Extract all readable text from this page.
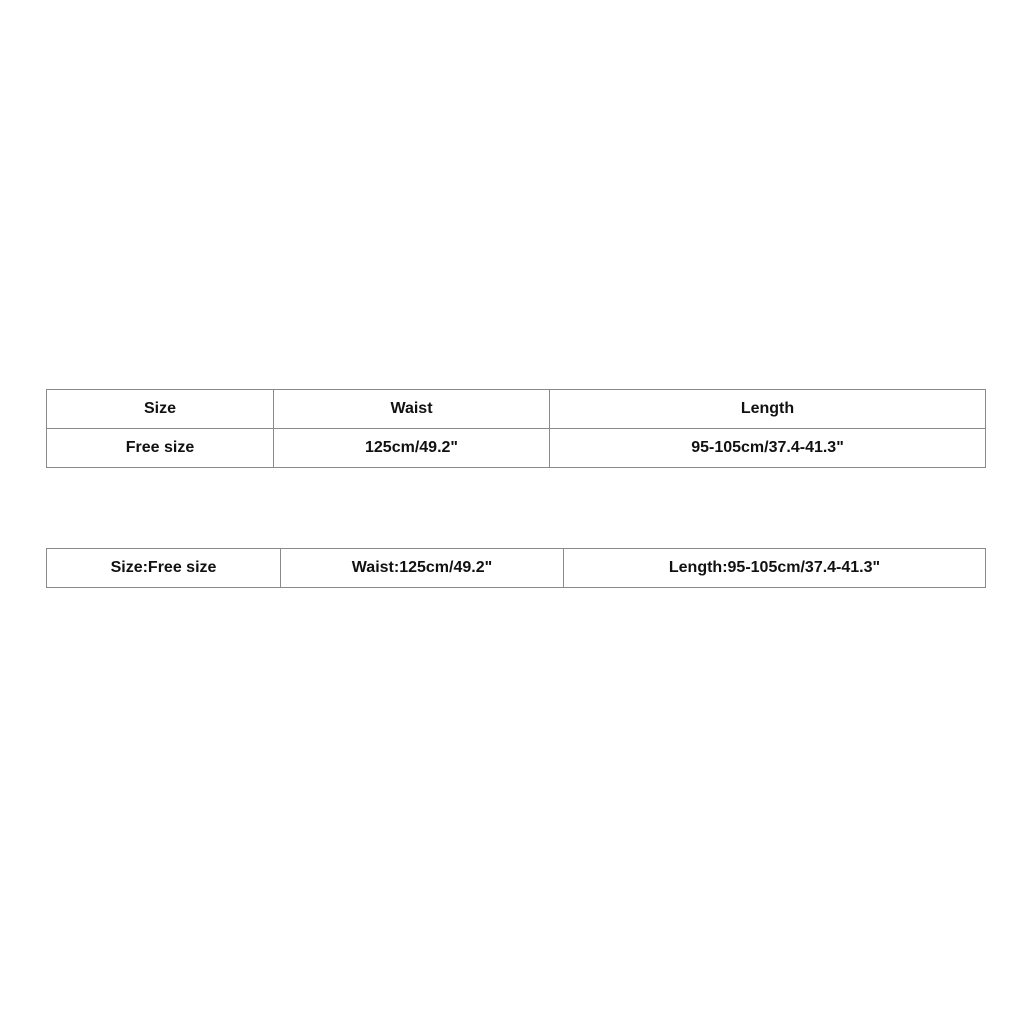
Size	Waist	Length
Free size	125cm/49.2"	95-105cm/37.4-41.3"
Size:Free size	Waist:125cm/49.2"	Length:95-105cm/37.4-41.3"
